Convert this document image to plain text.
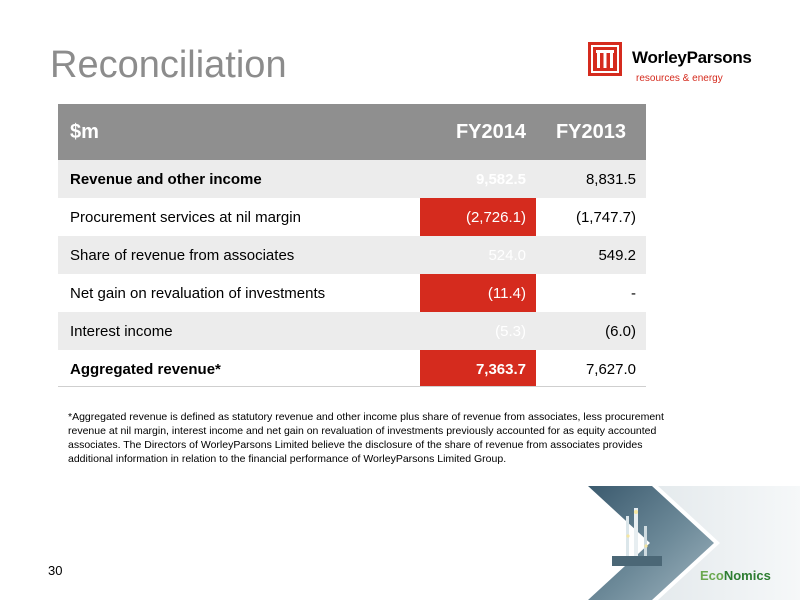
Reconciliation	WorleyParsons
resources & energy
$m	FY2014	FY2013
Revenue and other income	9,582.5	8,831.5
Procurement services at nil margin	(2,726.1)	(1,747.7)
Share of revenue from associates	524.0	549.2
Net gain on revaluation of investments	(11.4)	-
Interest income	(5.3)	(6.0)
Aggregated revenue*	7,363.7	7,627.0
*Aggregated revenue is defined as statutory revenue and other income plus share of revenue from associates, less procurement revenue at nil margin, interest income and net gain on revaluation of investments previously accounted for as equity accounted associates. The Directors of WorleyParsons Limited believe the disclosure of the share of revenue from associates provides additional information in relation to the financial performance of WorleyParsons Limited Group.
30	EcoNomics
